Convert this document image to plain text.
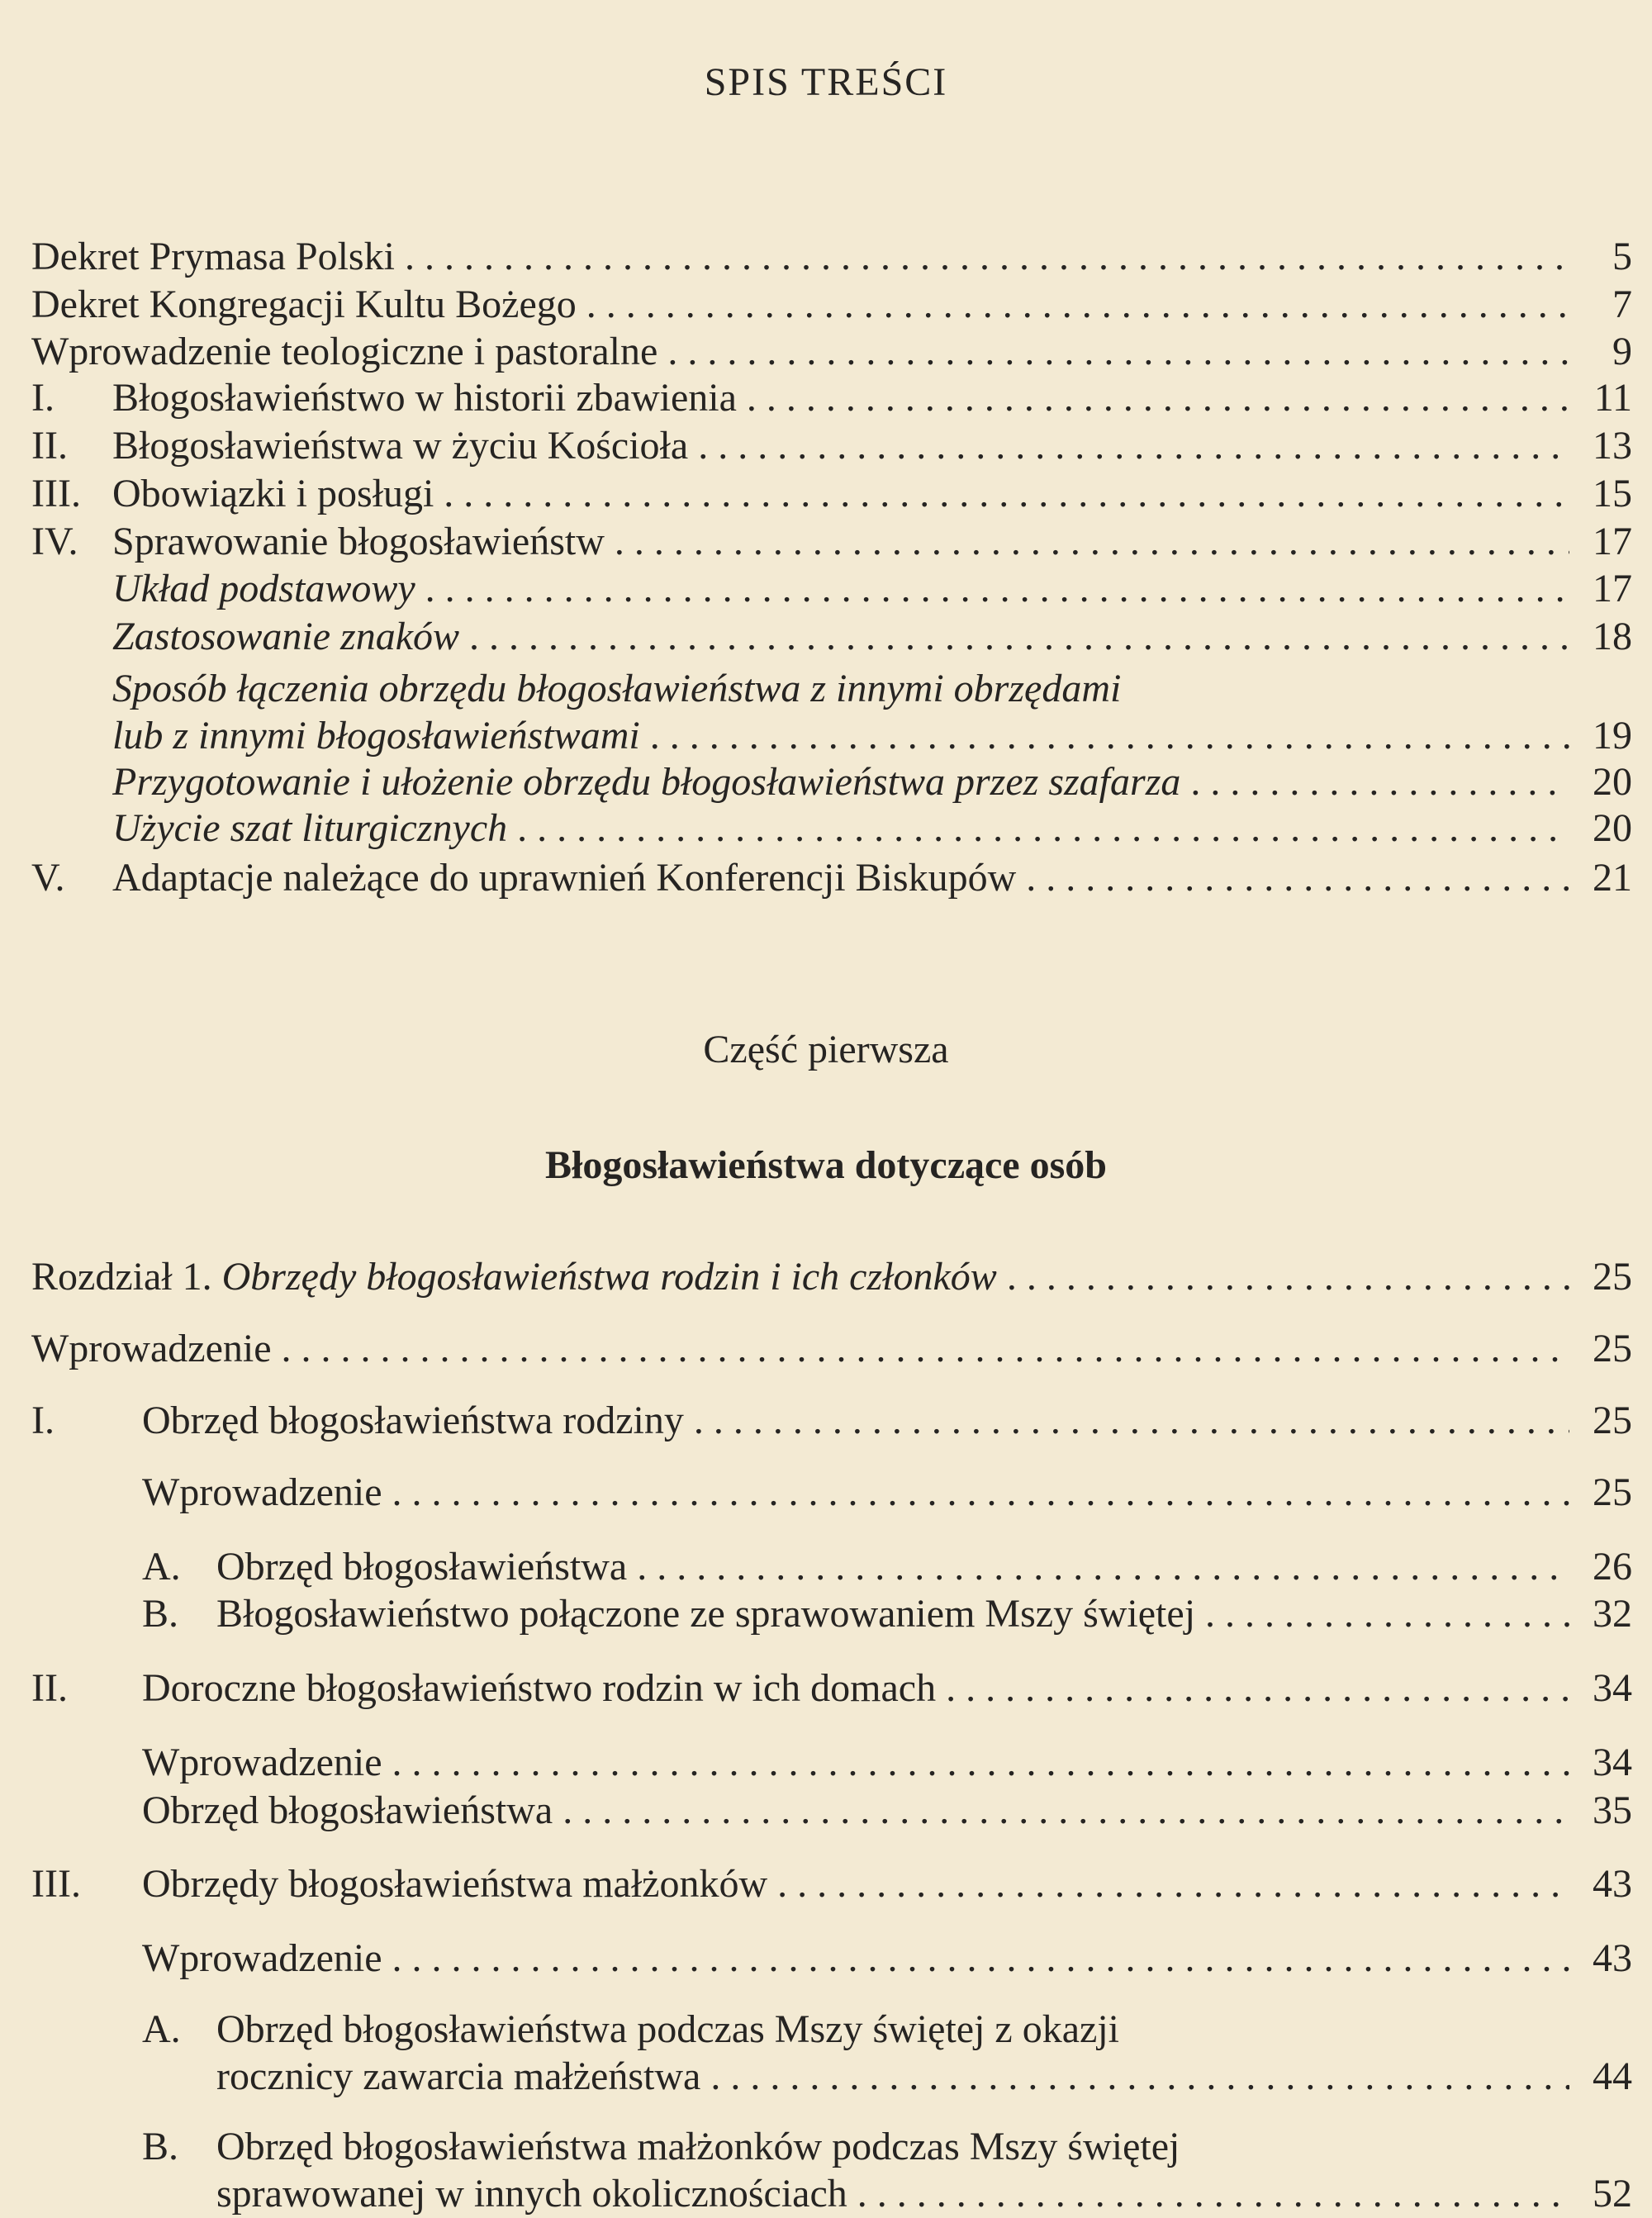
SPIS TREŚCI
Dekret Prymasa Polski . . .	5
Dekret Kongregacji Kultu Bożego . . .	7
Wprowadzenie teologiczne i pastoralne . . .	9
I. Błogosławieństwo w historii zbawienia . . .	11
II. Błogosławieństwa w życiu Kościoła . . .	13
III. Obowiązki i posługi . . .	15
IV. Sprawowanie błogosławieństw . . .	17
Układ podstawowy . . .	17
Zastosowanie znaków . . .	18
Sposób łączenia obrzędu błogosławieństwa z innymi obrzędami
lub z innymi błogosławieństwami . . .	19
Przygotowanie i ułożenie obrzędu błogosławieństwa przez szafarza . . .	20
Użycie szat liturgicznych . . .	20
V. Adaptacje należące do uprawnień Konferencji Biskupów . . .	21
Rozdział 1. Obrzędy błogosławieństwa rodzin i ich członków . . .	25
Wprowadzenie . . .	25
I. Obrzęd błogosławieństwa rodziny . . .	25
Wprowadzenie . . .	25
A. Obrzęd błogosławieństwa . . .	26
B. Błogosławieństwo połączone ze sprawowaniem Mszy świętej . . .	32
II. Doroczne błogosławieństwo rodzin w ich domach . . .	34
Wprowadzenie . . .	34
Obrzęd błogosławieństwa . . .	35
III. Obrzędy błogosławieństwa małżonków . . .	43
Wprowadzenie . . .	43
A. Obrzęd błogosławieństwa podczas Mszy świętej z okazji
rocznicy zawarcia małżeństwa . . .	44
B. Obrzęd błogosławieństwa małżonków podczas Mszy świętej
sprawowanej w innych okolicznościach . . .	52
Część pierwsza
Błogosławieństwa dotyczące osób
